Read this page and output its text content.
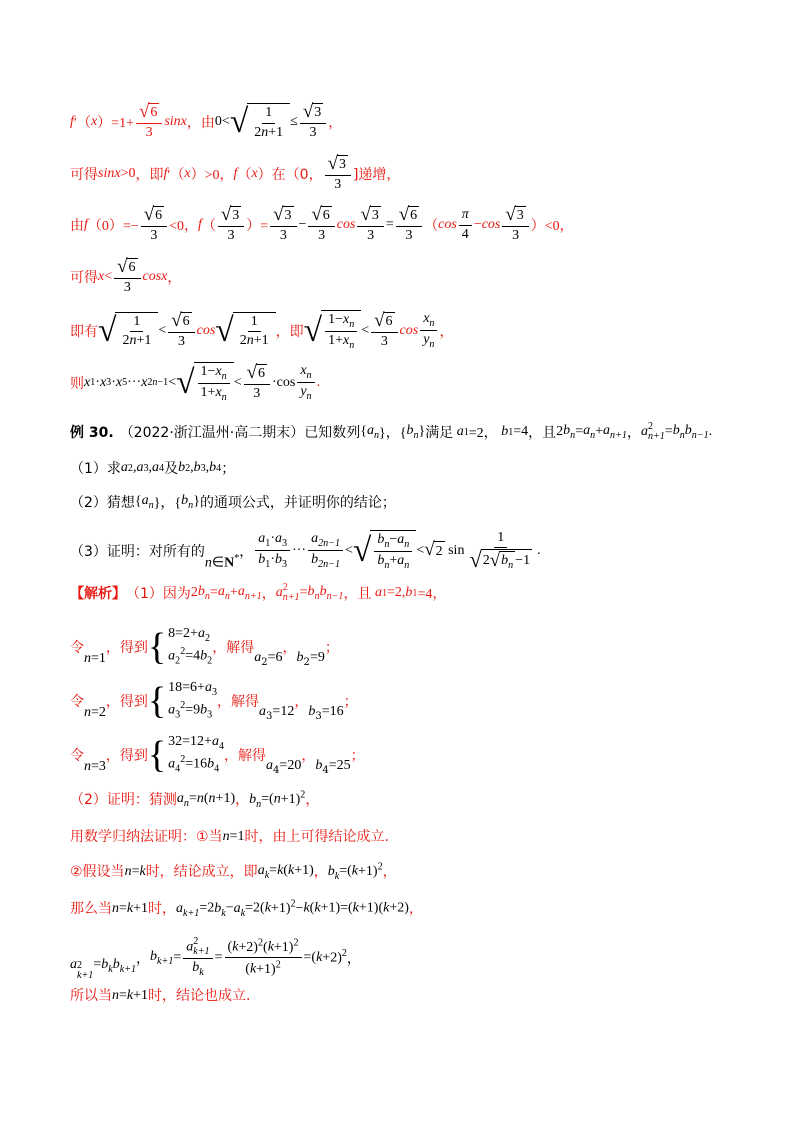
f ′（ x ）$=1+ \frac{√ 6}{3}$ sinx ，由 0 < √ $\frac{1}{2n+1} \le \frac{√ 3}{3}$ ，
可得 sinx >0 ，即 f ′（ x ）>0 ， f （ x ） 在（0， $\frac{√ 3}{3}$ ]递增，
由 f $(0)=- \frac{√ 6}{3} <0$， f （ $\frac{√ 3}{3}$ ）= $\frac{√ 3}{3} - \frac{√ 6}{3}$ $\cos \frac{√ 3}{3} = \frac{√ 6}{3}$ （ $\cos \frac{\pi}{4} - \cos \frac{√ 3}{3} )<0$，
可得 $x < \frac{√ 6}{3}$ cosx ，
即有 √ $\frac{1}{2n+1} < \frac{√ 6}{3}$ cos √ $\frac{1}{2n+1}$ ，即 √ $\frac{1-x_n}{1+x_n} < \frac{√ 6}{3}$ $\cos \frac{x_n}{y_n}$ ，
则 x 1 · x 3 · x 5 ··· x 2n−1 < √ $\frac{1-x_n}{1+x_n} < \frac{√ 6}{3} \cdot \cos \frac{x_n}{y_n}$ .
例 30. （2022·浙江温州·高二期末）已知数列 { $a_n$ }，{ $b_n$ } 满足 a 1 =2， b 1 =4 ，且 2 $b_n = a_n + a_{n+1}$ ， a 2
$n+1 = b_nb_{n-1}$ .
（1）求 a 2 , a 3 , a 4 及 b 2 , b 3 , b 4 ；
（2）猜想 { $a_n$ }，{ $b_n$ } 的通项公式，并证明你的结论；
（3）证明：对所有的
n∈N* ， $\frac{a_1\cdot a_3}{b_1\cdot b_3}$ ··· $\frac{a_{2n-1}}{b_{2n-1}}$ < √ $\frac{b_n-a_n}{b_n+a_n}$ < √ 2 $\sin \frac{1}{√ 2 √ b_n -1}$ .
【解析】 （1）因为 2 $b_n = a_n + a_{n+1}$ ， a 2
$n+1 = b_nb_{n-1}$ ，且 a 1 =2, b 1 =4，
令
n=1
，得到 { $8=2+a_2$
$a_2^2=4b_2$
，解得
$a_2=6$
，
$b_2=9$
；
令
n=2
，得到 { $18=6+a_3$
$a_3^2=9b_3$
，解得
$a_3=12$
，
$b_3=16$
；
令
n=3
，得到 { $32=12+a_4$
$a_4^2=16b_4$
，解得
$a_4=20$
，
$b_4=25$
；
（2）证明：猜测 $a_n=n(n+1)$ ， $b_n=(n+1)^2$ ，
用数学归纳法证明：①当 n=1 时，由上可得结论成立.
②假设当 n=k 时，结论成立，即 $a_k=k(k+1)$ ， $b_k=(k+1)^2$ ，
那么当 n=k+1 时， $a_{k+1}=2b_k-a_k=2(k+1)^2-k(k+1)=(k+1)(k+2)$ ，
a 2
k+1
$=b_kb_{k+1}$
， $b_{k+1} = a$ 2
k+1
$b_k = \frac{(k+2)^2(k+1)^2}{(k+1)^2}$ =( k +2)$^2$ ，
所以当 n=k+1 时，结论也成立.
